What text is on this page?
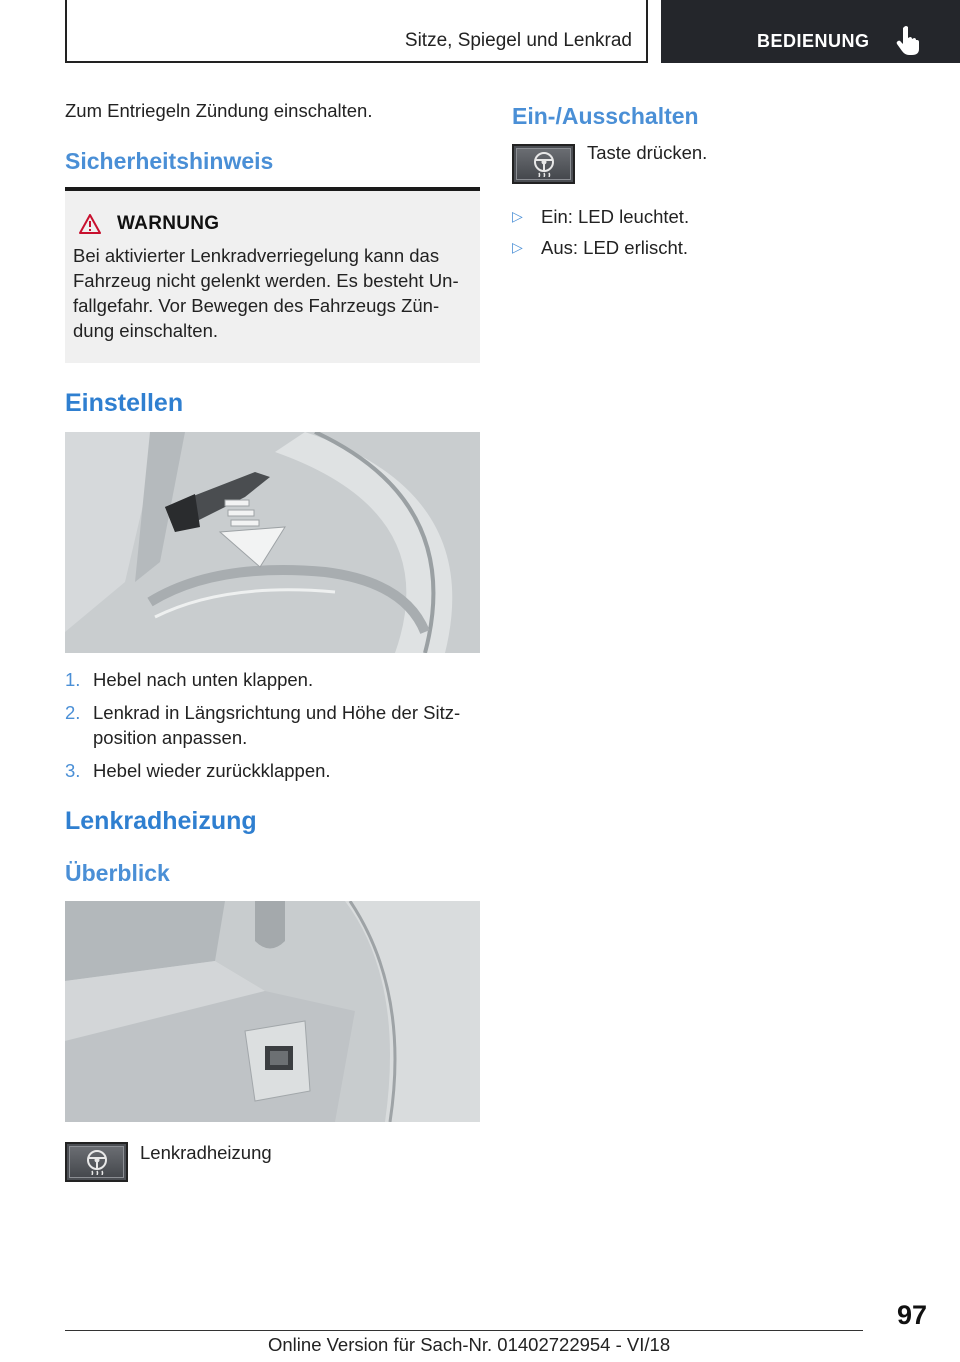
Sitze, Spiegel und Lenkrad	BEDIENUNG

Zum Entriegeln Zündung einschalten.

Sicherheitshinweis
WARNUNG

Bei aktivierter Lenkradverriegelung kann das Fahrzeug nicht gelenkt werden. Es besteht Un-fallgefahr. Vor Bewegen des Fahrzeugs Zün-dung einschalten.

Einstellen
1. Hebel nach unten klappen.
2. Lenkrad in Längsrichtung und Höhe der Sitz-position anpassen.
3. Hebel wieder zurückklappen.
Lenkradheizung
Überblick
Lenkradheizung
Ein-/Ausschalten
Taste drücken.
▷ Ein: LED leuchtet.
▷ Aus: LED erlischt.
97
Online Version für Sach-Nr. 01402722954 - VI/18
